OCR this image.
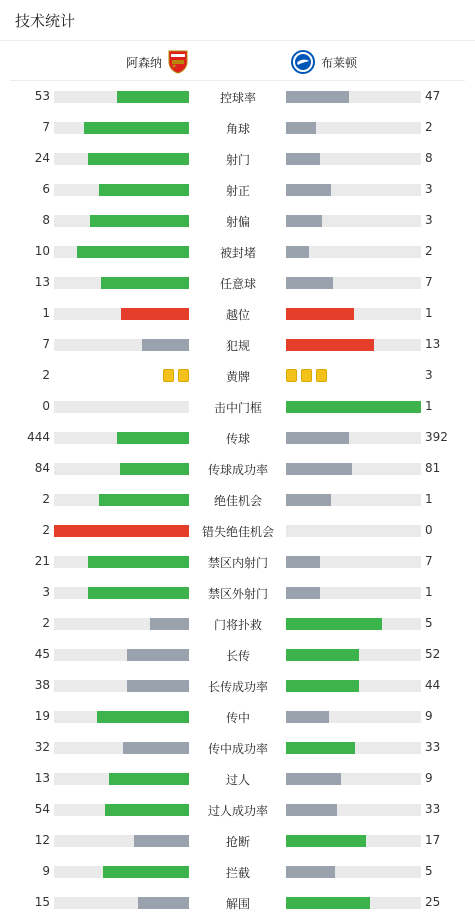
技术统计
阿森纳	布莱顿
53	控球率	47
7	角球	2
24	射门	8
6	射正	3
8	射偏	3
10	被封堵	2
13	任意球	7
1	越位	1
7	犯规	13
2	黄牌	3
0	击中门框	1
444	传球	392
84	传球成功率	81
2	绝佳机会	1
2	错失绝佳机会	0
21	禁区内射门	7
3	禁区外射门	1
2	门将扑救	5
45	长传	52
38	长传成功率	44
19	传中	9
32	传中成功率	33
13	过人	9
54	过人成功率	33
12	抢断	17
9	拦截	5
15	解围	25
